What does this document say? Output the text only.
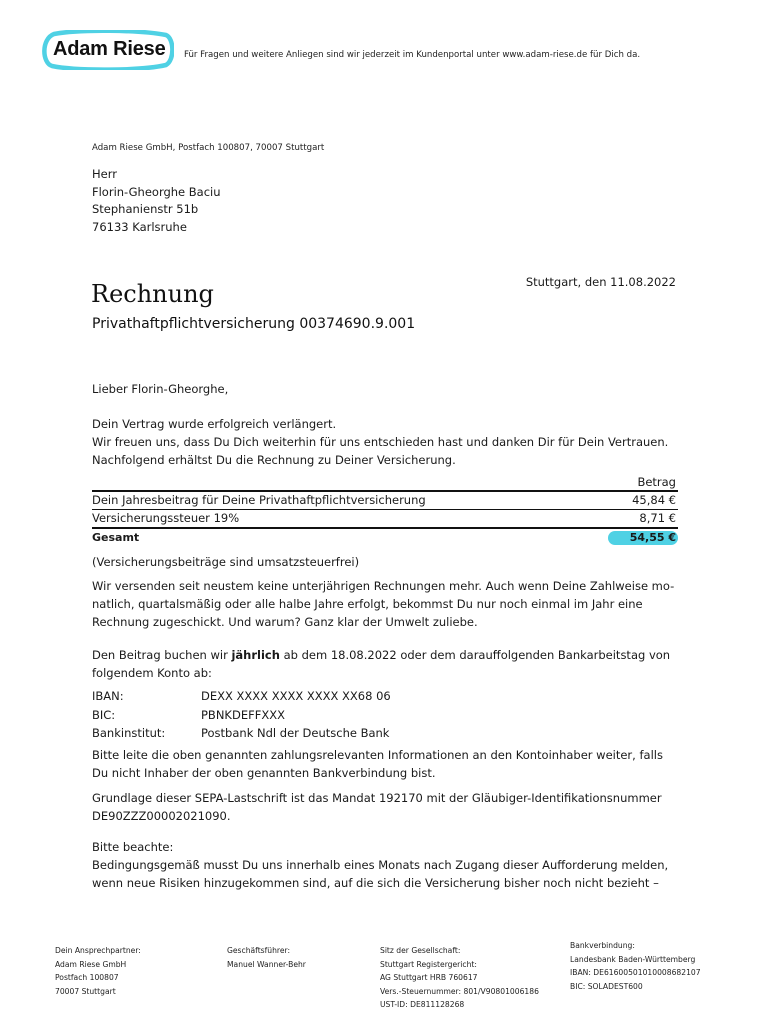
Adam Riese Für Fragen und weitere Anliegen sind wir jederzeit im Kundenportal unter www.adam-riese.de für Dich da.
Adam Riese GmbH, Postfach 100807, 70007 Stuttgart
Herr
Florin-Gheorghe Baciu
Stephanienstr 51b
76133 Karlsruhe
Stuttgart, den 11.08.2022
Rechnung
Privathaftpflichtversicherung 00374690.9.001
Lieber Florin-Gheorghe,
Dein Vertrag wurde erfolgreich verlängert.
Wir freuen uns, dass Du Dich weiterhin für uns entschieden hast und danken Dir für Dein Vertrauen.
Nachfolgend erhältst Du die Rechnung zu Deiner Versicherung.
Betrag
Dein Jahresbeitrag für Deine Privathaftpflichtversicherung	45,84 €
Versicherungssteuer 19%	8,71 €
Gesamt	54,55 €
(Versicherungsbeiträge sind umsatzsteuerfrei)
Wir versenden seit neustem keine unterjährigen Rechnungen mehr. Auch wenn Deine Zahlweise mo-
natlich, quartalsmäßig oder alle halbe Jahre erfolgt, bekommst Du nur noch einmal im Jahr eine
Rechnung zugeschickt. Und warum? Ganz klar der Umwelt zuliebe.
Den Beitrag buchen wir jährlich ab dem 18.08.2022 oder dem darauffolgenden Bankarbeitstag von
folgendem Konto ab:
IBAN:	DEXX XXXX XXXX XXXX XX68 06
BIC:	PBNKDEFFXXX
Bankinstitut:	Postbank Ndl der Deutsche Bank
Bitte leite die oben genannten zahlungsrelevanten Informationen an den Kontoinhaber weiter, falls
Du nicht Inhaber der oben genannten Bankverbindung bist.
Grundlage dieser SEPA-Lastschrift ist das Mandat 192170 mit der Gläubiger-Identifikationsnummer
DE90ZZZ00002021090.
Bitte beachte:
Bedingungsgemäß musst Du uns innerhalb eines Monats nach Zugang dieser Aufforderung melden,
wenn neue Risiken hinzugekommen sind, auf die sich die Versicherung bisher noch nicht bezieht –
Dein Ansprechpartner:
Adam Riese GmbH
Postfach 100807
70007 Stuttgart
Geschäftsführer:
Manuel Wanner-Behr
Sitz der Gesellschaft:
Stuttgart Registergericht:
AG Stuttgart HRB 760617
Vers.-Steuernummer: 801/V90801006186
UST-ID: DE811128268
Bankverbindung:
Landesbank Baden-Württemberg
IBAN: DE61600501010008682107
BIC: SOLADEST600
